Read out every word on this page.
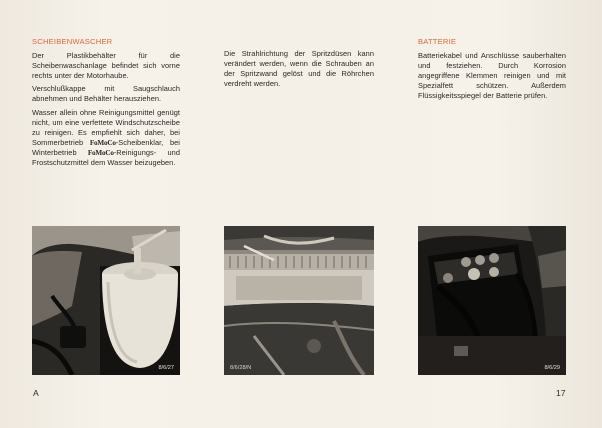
SCHEIBENWASCHER

Der Plastikbehälter für die Scheibenwaschanlage befindet sich vorne rechts unter der Motorhaube.

Verschlußkappe mit Saugschlauch abnehmen und Behälter herausziehen.

Wasser allein ohne Reinigungsmittel genügt nicht, um eine verfettete Windschutzscheibe zu reinigen. Es empfiehlt sich daher, bei Sommerbetrieb FoMoCo-Scheibenklar, bei Winterbetrieb FoMoCo-Reinigungs- und Frostschutzmittel dem Wasser beizugeben.

Die Strahlrichtung der Spritzdüsen kann verändert werden, wenn die Schrauben an der Spritzwand gelöst und die Röhrchen verdreht werden.

BATTERIE

Batteriekabel und Anschlüsse sauberhalten und festziehen. Durch Korrosion angegriffene Klemmen reinigen und mit Spezialfett schützen. Außerdem Flüssigkeitsspiegel der Batterie prüfen.

8/6/27	8/6/28/N	8/6/29
A	17
